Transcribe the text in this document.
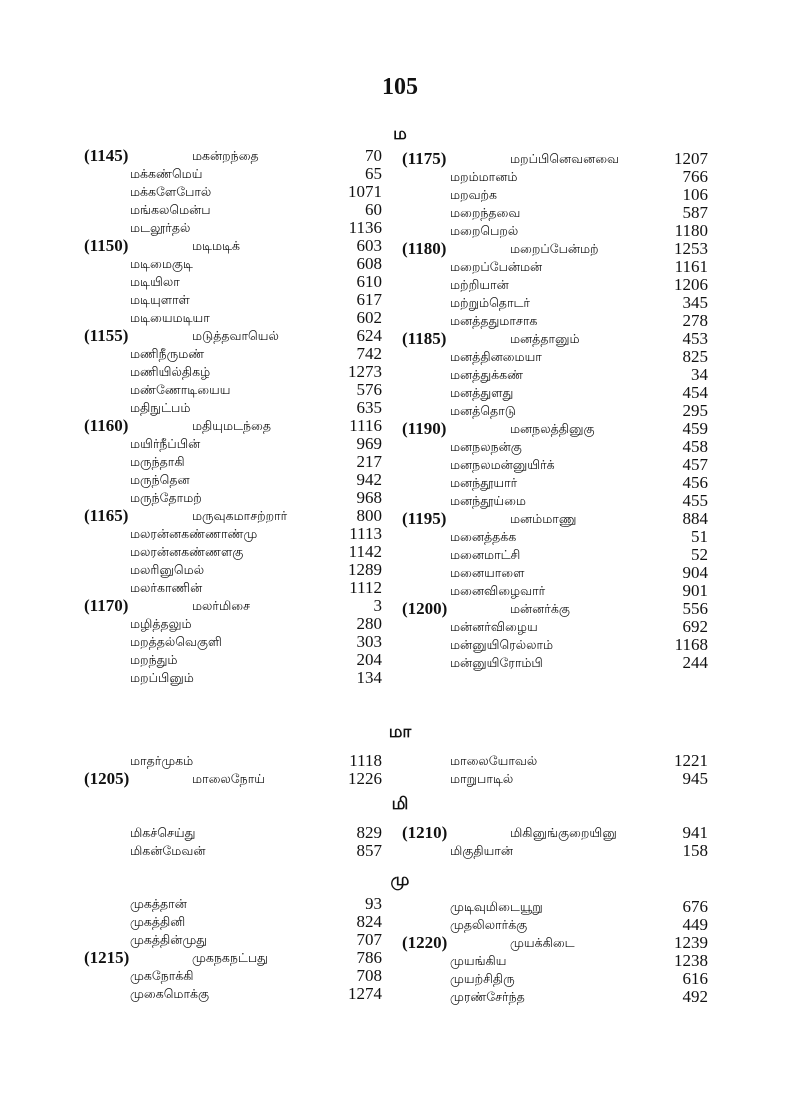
105
ம
(1145)	மகன்றந்தை	70
மக்கண்மெய்	65
மக்களேபோல்	1071
மங்கலமென்ப	60
மடலூர்தல்	1136
(1150)	மடிமடிக்	603
மடிமைகுடி	608
மடியிலா	610
மடியுளாள்	617
மடியைமடியா	602
(1155)	மடுத்தவாயெல்	624
மணிநீருமண்	742
மணியில்திகழ்	1273
மண்ணோடியைய	576
மதிநுட்பம்	635
(1160)	மதியுமடந்தை	1116
மயிர்நீப்பின்	969
மருந்தாகி	217
மருந்தென	942
மருந்தோமற்	968
(1165)	மருவுகமாசற்றார்	800
மலரன்னகண்ணாண்மு	1113
மலரன்னகண்ணளகு	1142
மலரினுமெல்	1289
மலர்காணின்	1112
(1170)	மலர்மிசை	3
மழித்தலும்	280
மறத்தல்வெகுளி	303
மறந்தும்	204
மறப்பினும்	134
(1175)	மறப்பினெவனவை	1207
மறம்மானம்	766
மறவற்க	106
மறைந்தவை	587
மறைபெறல்	1180
(1180)	மறைப்பேன்மற்	1253
மறைப்பேன்மன்	1161
மற்றியான்	1206
மற்றும்தொடர்	345
மனத்ததுமாசாக	278
(1185)	மனத்தானும்	453
மனத்தினமையா	825
மனத்துக்கண்	34
மனத்துளது	454
மனத்தொடு	295
(1190)	மனநலத்தினுகு	459
மனநலநன்கு	458
மனநலமன்னுயிர்க்	457
மனந்தூயார்	456
மனந்தூய்மை	455
(1195)	மனம்மாணு	884
மனைத்தக்க	51
மனைமாட்சி	52
மனையாளை	904
மனைவிழைவார்	901
(1200)	மன்னர்க்கு	556
மன்னர்விழைய	692
மன்னுயிரெல்லாம்	1168
மன்னுயிரோம்பி	244
மா
மாதர்முகம்	1118
(1205)	மாலைநோய்	1226
மாலையோவல்	1221
மாறுபாடில்	945
மி
மிகச்செய்து	829
மிகன்மேவன்	857
(1210)	மிகினுங்குறையினு	941
மிகுதியான்	158
மு
முகத்தான்	93
முகத்தினி	824
முகத்தின்முது	707
(1215)	முகநகநட்பது	786
முகநோக்கி	708
முகைமொக்கு	1274
முடிவுமிடையூறு	676
முதலிலார்க்கு	449
(1220)	முயக்கிடை	1239
முயங்கிய	1238
முயற்சிதிரு	616
முரண்சேர்ந்த	492
